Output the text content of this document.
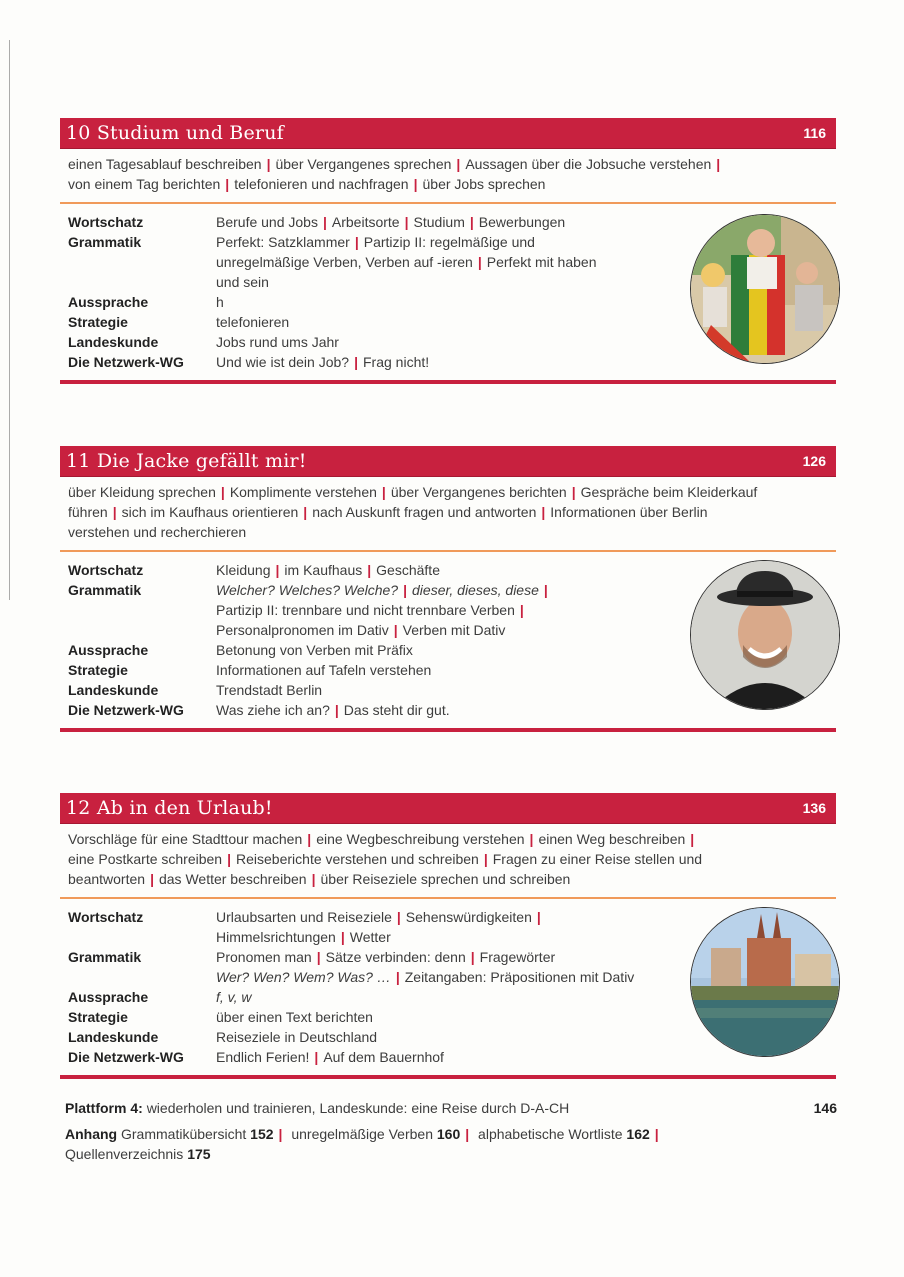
10 Studium und Beruf	116
einen Tagesablauf beschreiben | über Vergangenes sprechen | Aussagen über die Jobsuche verstehen |
von einem Tag berichten | telefonieren und nachfragen | über Jobs sprechen
Wortschatz	Berufe und Jobs | Arbeitsorte | Studium | Bewerbungen
Grammatik	Perfekt: Satzklammer | Partizip II: regelmäßige und
unregelmäßige Verben, Verben auf -ieren | Perfekt mit haben
und sein
Aussprache	h
Strategie	telefonieren
Landeskunde	Jobs rund ums Jahr
Die Netzwerk-WG	Und wie ist dein Job? | Frag nicht!
11 Die Jacke gefällt mir!	126
über Kleidung sprechen | Komplimente verstehen | über Vergangenes berichten | Gespräche beim Kleiderkauf
führen | sich im Kaufhaus orientieren | nach Auskunft fragen und antworten | Informationen über Berlin
verstehen und recherchieren
Wortschatz	Kleidung | im Kaufhaus | Geschäfte
Grammatik	Welcher? Welches? Welche? | dieser, dieses, diese |
Partizip II: trennbare und nicht trennbare Verben |
Personalpronomen im Dativ | Verben mit Dativ
Aussprache	Betonung von Verben mit Präfix
Strategie	Informationen auf Tafeln verstehen
Landeskunde	Trendstadt Berlin
Die Netzwerk-WG	Was ziehe ich an? | Das steht dir gut.
12 Ab in den Urlaub!	136
Vorschläge für eine Stadttour machen | eine Wegbeschreibung verstehen | einen Weg beschreiben |
eine Postkarte schreiben | Reiseberichte verstehen und schreiben | Fragen zu einer Reise stellen und
beantworten | das Wetter beschreiben | über Reiseziele sprechen und schreiben
Wortschatz	Urlaubsarten und Reiseziele | Sehenswürdigkeiten |
Himmelsrichtungen | Wetter
Grammatik	Pronomen man | Sätze verbinden: denn | Fragewörter
Wer? Wen? Wem? Was? … | Zeitangaben: Präpositionen mit Dativ
Aussprache	f, v, w
Strategie	über einen Text berichten
Landeskunde	Reiseziele in Deutschland
Die Netzwerk-WG	Endlich Ferien! | Auf dem Bauernhof
Plattform 4: wiederholen und trainieren, Landeskunde: eine Reise durch D-A-CH	146
Anhang Grammatikübersicht 152 | unregelmäßige Verben 160 | alphabetische Wortliste 162 |
Quellenverzeichnis 175
